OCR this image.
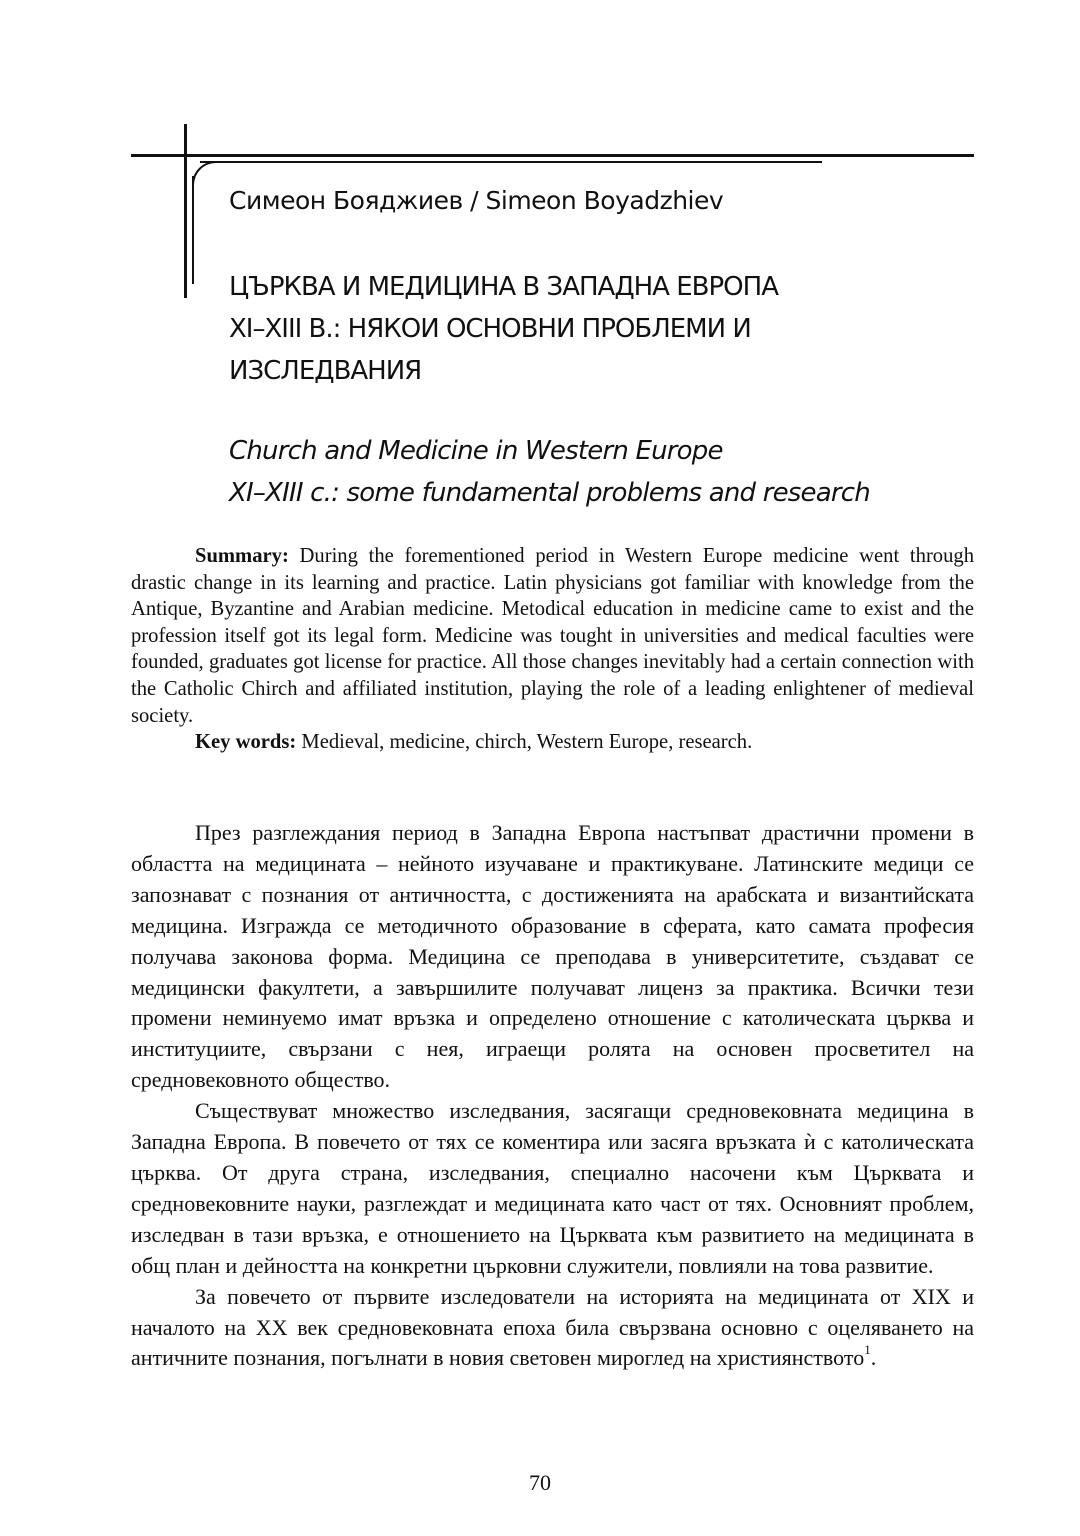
Симеон Бояджиев / Simeon Boyadzhiev
ЦЪРКВА И МЕДИЦИНА В ЗАПАДНА ЕВРОПА
XI–XIII В.: НЯКОИ ОСНОВНИ ПРОБЛЕМИ И
ИЗСЛЕДВАНИЯ
Church and Medicine in Western Europe
XI–XIII c.: some fundamental problems and research

Summary: During the forementioned period in Western Europe medicine went through drastic change in its learning and practice. Latin physicians got familiar with knowledge from the Antique, Byzantine and Arabian medicine. Metodical education in medicine came to exist and the profession itself got its legal form. Medicine was tought in universities and medical faculties were founded, graduates got license for practice. All those changes inevitably had a certain connection with the Catholic Chirch and affiliated institution, playing the role of a leading enlightener of medieval society.

Key words: Medieval, medicine, chirch, Western Europe, research.

През разглеждания период в Западна Европа настъпват драстични промени в областта на медицината – нейното изучаване и практикуване. Латинските медици се запознават с познания от античността, с достиженията на арабската и византийската медицина. Изгражда се методичното образование в сферата, като самата професия получава законова форма. Медицина се преподава в университетите, създават се медицински факултети, а завършилите получават лиценз за практика. Всички тези промени неминуемо имат връзка и определено отношение с католическата църква и институциите, свързани с нея, играещи ролята на основен просветител на средновековното общество.

Съществуват множество изследвания, засягащи средновековната медицина в Западна Европа. В повечето от тях се коментира или засяга връзката ѝ с католическата църква. От друга страна, изследвания, специално насочени към Църквата и средновековните науки, разглеждат и медицината като част от тях. Основният проблем, изследван в тази връзка, е отношението на Църквата към развитието на медицината в общ план и дейността на конкретни църковни служители, повлияли на това развитие.

За повечето от първите изследователи на историята на медицината от XIX и началото на XX век средновековната епоха била свързвана основно с оцеляването на античните познания, погълнати в новия световен мироглед на християнството$^1$.

70
